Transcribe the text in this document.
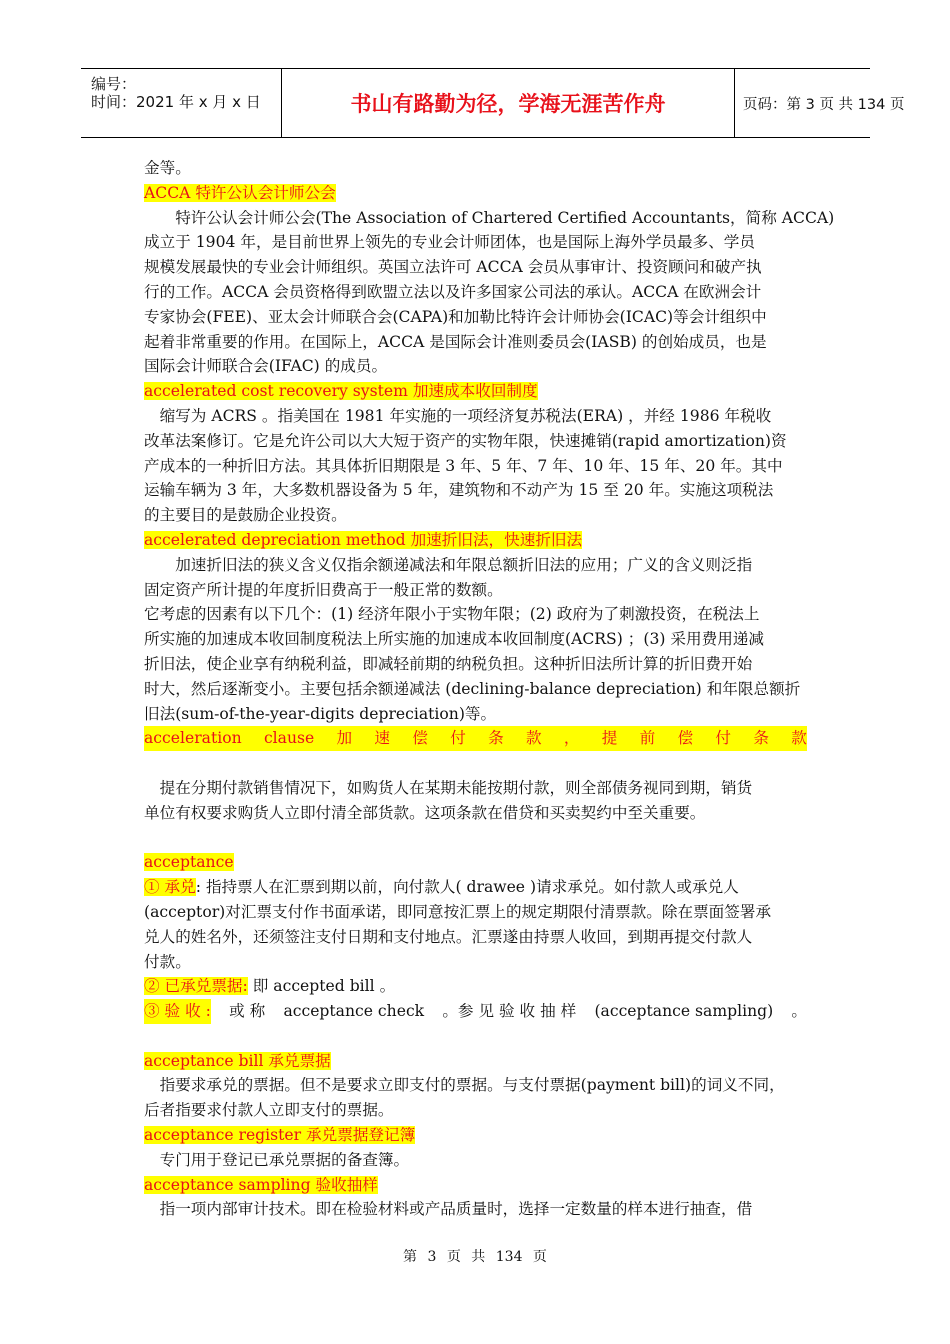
编号：
时间：2021 年 x 月 x 日	书山有路勤为径，学海无涯苦作舟	页码：第 3 页 共 134 页
金等。
ACCA 特许公认会计师公会
　　特许公认会计师公会(The Association of Chartered Certified Accountants，简称 ACCA)
成立于 1904 年，是目前世界上领先的专业会计师团体，也是国际上海外学员最多、学员
规模发展最快的专业会计师组织。英国立法许可 ACCA 会员从事审计、投资顾问和破产执
行的工作。ACCA 会员资格得到欧盟立法以及许多国家公司法的承认。ACCA 在欧洲会计
专家协会(FEE)、亚太会计师联合会(CAPA)和加勒比特许会计师协会(ICAC)等会计组织中
起着非常重要的作用。在国际上，ACCA 是国际会计准则委员会(IASB) 的创始成员，也是
国际会计师联合会(IFAC) 的成员。
accelerated cost recovery system 加速成本收回制度
　缩写为 ACRS 。指美国在 1981 年实施的一项经济复苏税法(ERA) ，并经 1986 年税收
改革法案修订。它是允许公司以大大短于资产的实物年限，快速摊销(rapid amortization)资
产成本的一种折旧方法。其具体折旧期限是 3 年、5 年、7 年、10 年、15 年、20 年。其中
运输车辆为 3 年，大多数机器设备为 5 年，建筑物和不动产为 15 至 20 年。实施这项税法
的主要目的是鼓励企业投资。
accelerated depreciation method 加速折旧法，快速折旧法
　　加速折旧法的狭义含义仅指余额递减法和年限总额折旧法的应用；广义的含义则泛指
固定资产所计提的年度折旧费高于一般正常的数额。
它考虑的因素有以下几个：(1) 经济年限小于实物年限；(2) 政府为了刺激投资，在税法上
所实施的加速成本收回制度税法上所实施的加速成本收回制度(ACRS) ；(3) 采用费用递减
折旧法，使企业享有纳税利益，即减轻前期的纳税负担。这种折旧法所计算的折旧费开始
时大，然后逐渐变小。主要包括余额递减法 (declining-balance depreciation) 和年限总额折
旧法(sum-of-the-year-digits depreciation)等。
acceleration clause 加 速 偿 付 条 款 ， 提 前 偿 付 条 款
　提在分期付款销售情况下，如购货人在某期未能按期付款，则全部债务视同到期，销货
单位有权要求购货人立即付清全部货款。这项条款在借贷和买卖契约中至关重要。
acceptance
① 承兑: 指持票人在汇票到期以前，向付款人( drawee )请求承兑。如付款人或承兑人
(acceptor)对汇票支付作书面承诺，即同意按汇票上的规定期限付清票款。除在票面签署承
兑人的姓名外，还须签注支付日期和支付地点。汇票遂由持票人收回，到期再提交付款人
付款。
② 已承兑票据: 即 accepted bill 。
③ 验 收 : 或 称 acceptance check 。参 见 验 收 抽 样 (acceptance sampling) 。
acceptance bill 承兑票据
　指要求承兑的票据。但不是要求立即支付的票据。与支付票据(payment bill)的词义不同，
后者指要求付款人立即支付的票据。
acceptance register 承兑票据登记簿
　专门用于登记已承兑票据的备查簿。
acceptance sampling 验收抽样
　指一项内部审计技术。即在检验材料或产品质量时，选择一定数量的样本进行抽查，借
第 3 页 共 134 页
